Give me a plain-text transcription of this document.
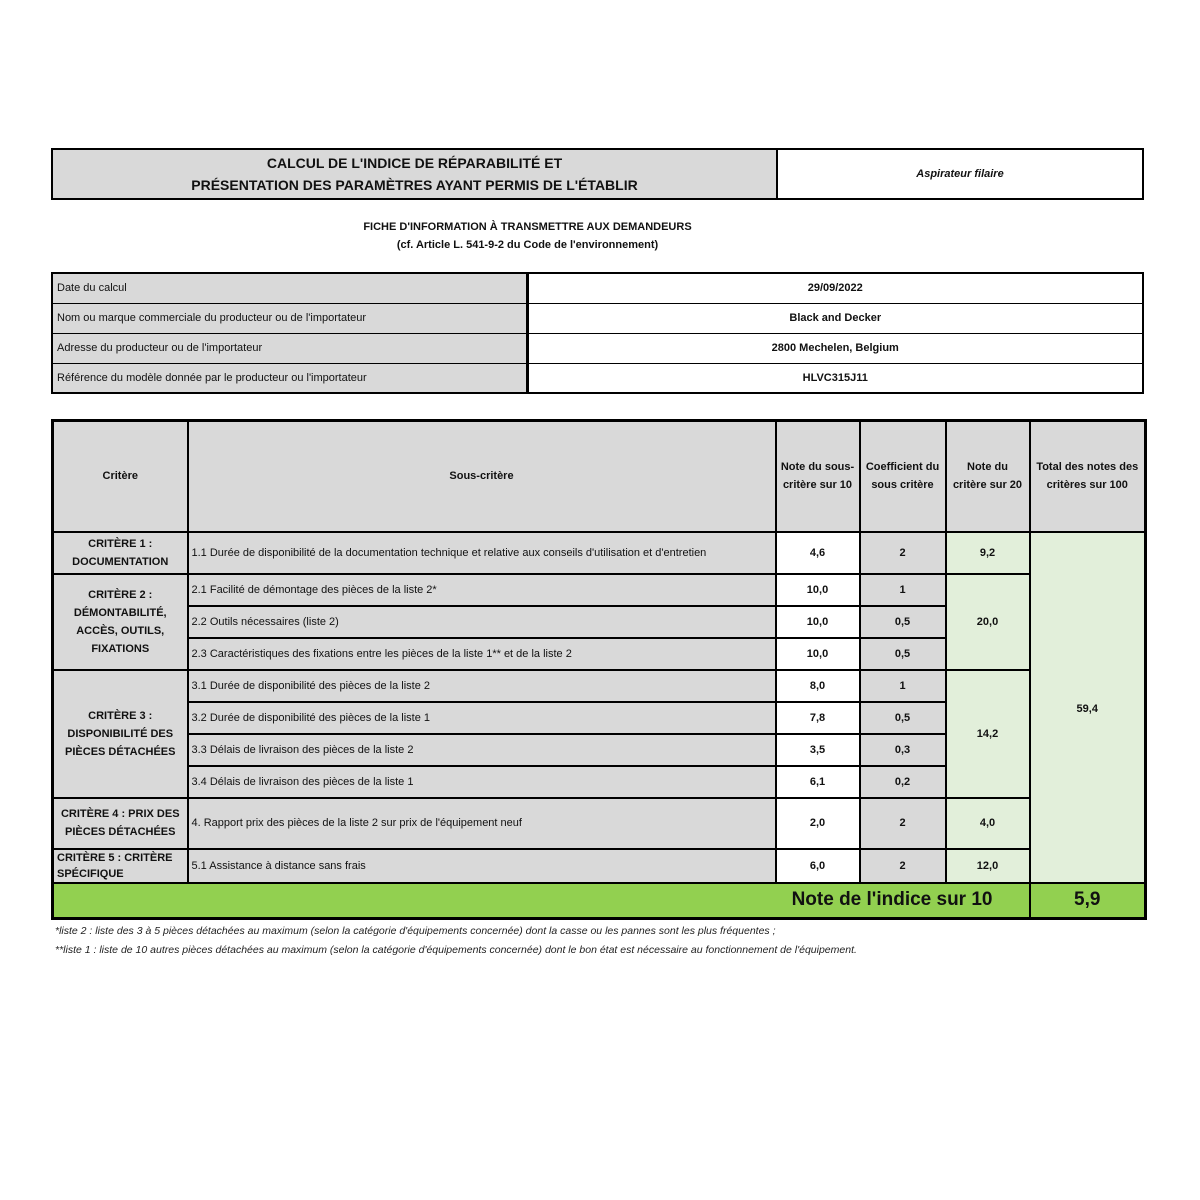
CALCUL DE L'INDICE DE RÉPARABILITÉ ET
PRÉSENTATION DES PARAMÈTRES AYANT PERMIS DE L'ÉTABLIR
Aspirateur filaire
FICHE D'INFORMATION À TRANSMETTRE AUX DEMANDEURS
(cf. Article L. 541-9-2 du Code de l'environnement)
Date du calcul	29/09/2022
Nom ou marque commerciale du producteur ou de l'importateur	Black and Decker
Adresse du producteur ou de l'importateur	2800 Mechelen, Belgium
Référence du modèle donnée par le producteur ou l'importateur	HLVC315J11
Critère	Sous-critère	Note du sous-critère sur 10	Coefficient du sous critère	Note du critère sur 20	Total des notes des critères sur 100
CRITÈRE 1 : DOCUMENTATION	1.1 Durée de disponibilité de la documentation technique et relative aux conseils d'utilisation et d'entretien	4,6	2	9,2	59,4
CRITÈRE 2 : DÉMONTABILITÉ, ACCÈS, OUTILS, FIXATIONS	2.1 Facilité de démontage des pièces de la liste 2*	10,0	1	20,0	
	2.2 Outils nécessaires (liste 2)	10,0	0,5		
	2.3 Caractéristiques des fixations entre les pièces de la liste 1** et de la liste 2	10,0	0,5		
CRITÈRE 3 : DISPONIBILITÉ DES PIÈCES DÉTACHÉES	3.1 Durée de disponibilité des pièces de la liste 2	8,0	1	14,2	
	3.2 Durée de disponibilité des pièces de la liste 1	7,8	0,5		
	3.3 Délais de livraison des pièces de la liste 2	3,5	0,3		
	3.4 Délais de livraison des pièces de la liste 1	6,1	0,2		
CRITÈRE 4 : PRIX DES PIÈCES DÉTACHÉES	4. Rapport prix des pièces de la liste 2 sur prix de l'équipement neuf	2,0	2	4,0	
CRITÈRE 5 : CRITÈRE SPÉCIFIQUE	5.1 Assistance à distance sans frais	6,0	2	12,0	
Note de l'indice sur 10					5,9
*liste 2 : liste des 3 à 5 pièces détachées au maximum (selon la catégorie d'équipements concernée) dont la casse ou les pannes sont les plus fréquentes ;
**liste 1 : liste de 10 autres pièces détachées au maximum (selon la catégorie d'équipements concernée) dont le bon état est nécessaire au fonctionnement de l'équipement.
